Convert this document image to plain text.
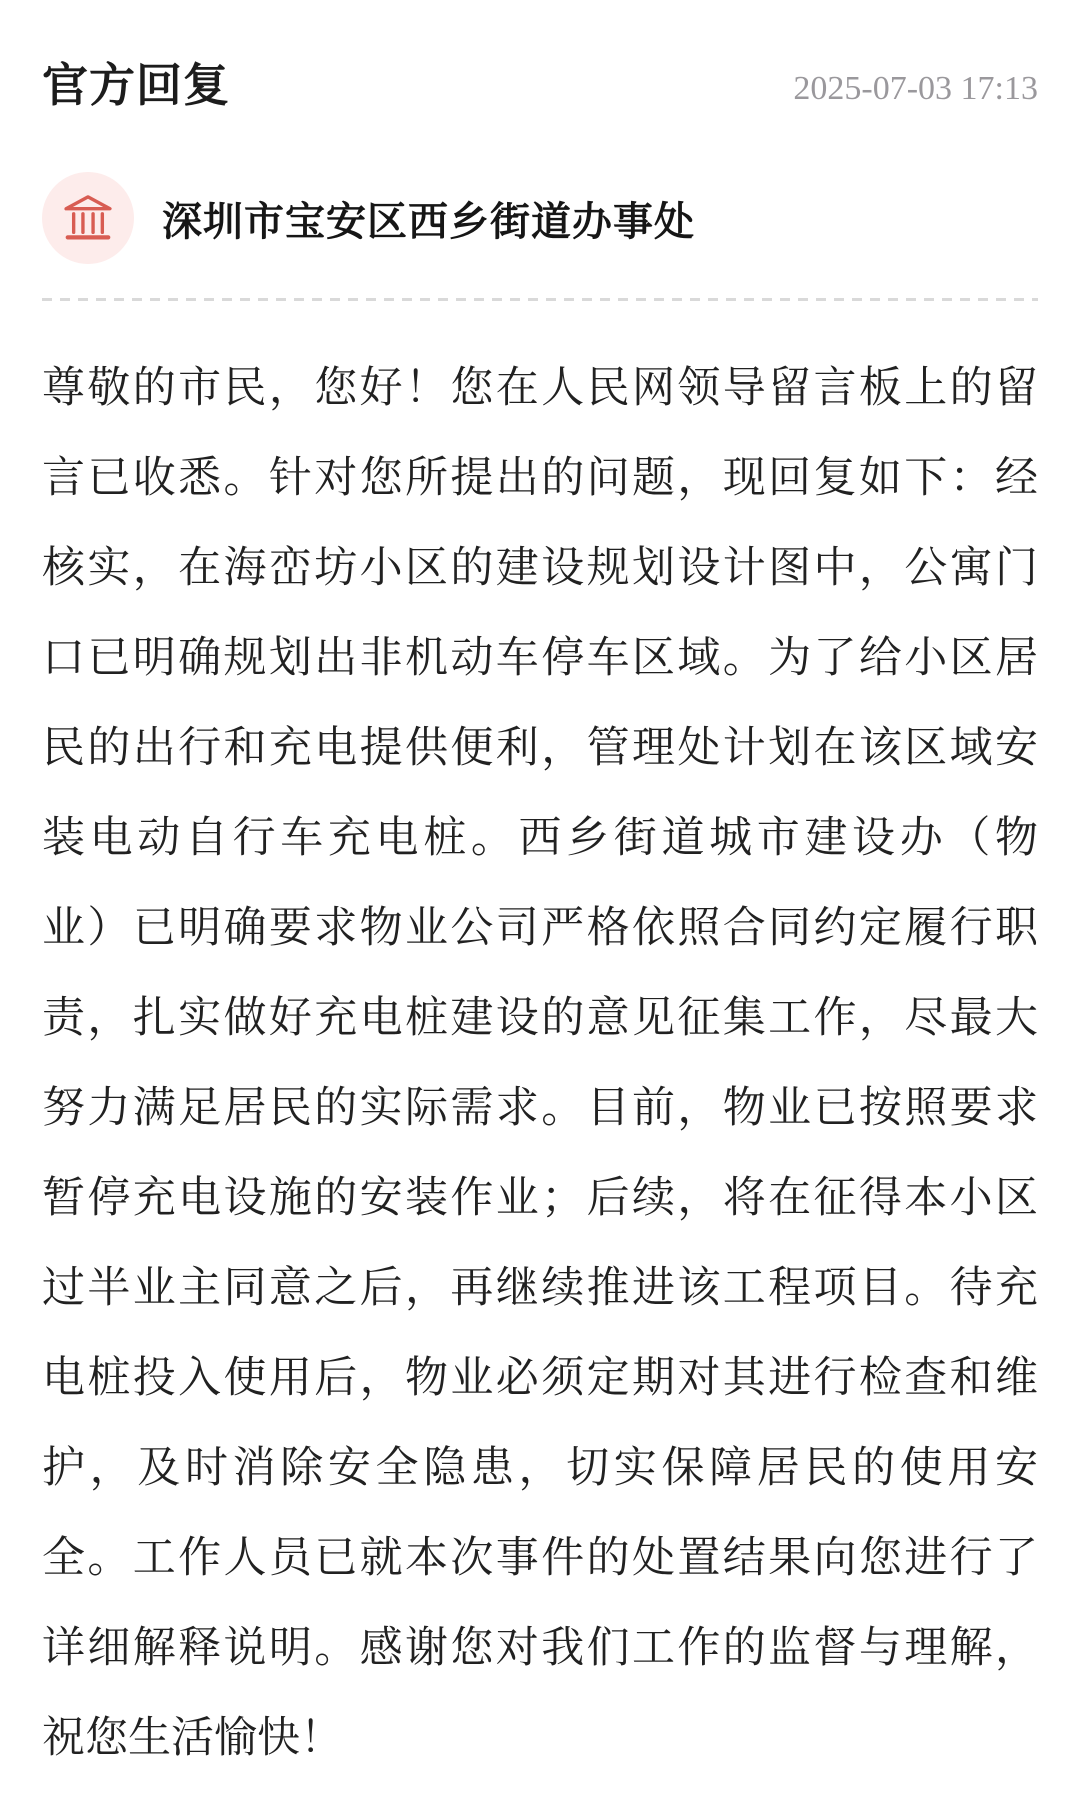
官方回复	2025-07-03 17:13
深圳市宝安区西乡街道办事处
尊敬的市民，您好！您在人民网领导留言板上的留
言已收悉。针对您所提出的问题，现回复如下：经
核实，在海峦坊小区的建设规划设计图中，公寓门
口已明确规划出非机动车停车区域。为了给小区居
民的出行和充电提供便利，管理处计划在该区域安
装电动自行车充电桩。西乡街道城市建设办（物
业）已明确要求物业公司严格依照合同约定履行职
责，扎实做好充电桩建设的意见征集工作，尽最大
努力满足居民的实际需求。目前，物业已按照要求
暂停充电设施的安装作业；后续，将在征得本小区
过半业主同意之后，再继续推进该工程项目。待充
电桩投入使用后，物业必须定期对其进行检查和维
护，及时消除安全隐患，切实保障居民的使用安
全。工作人员已就本次事件的处置结果向您进行了
详细解释说明。感谢您对我们工作的监督与理解，
祝您生活愉快！
